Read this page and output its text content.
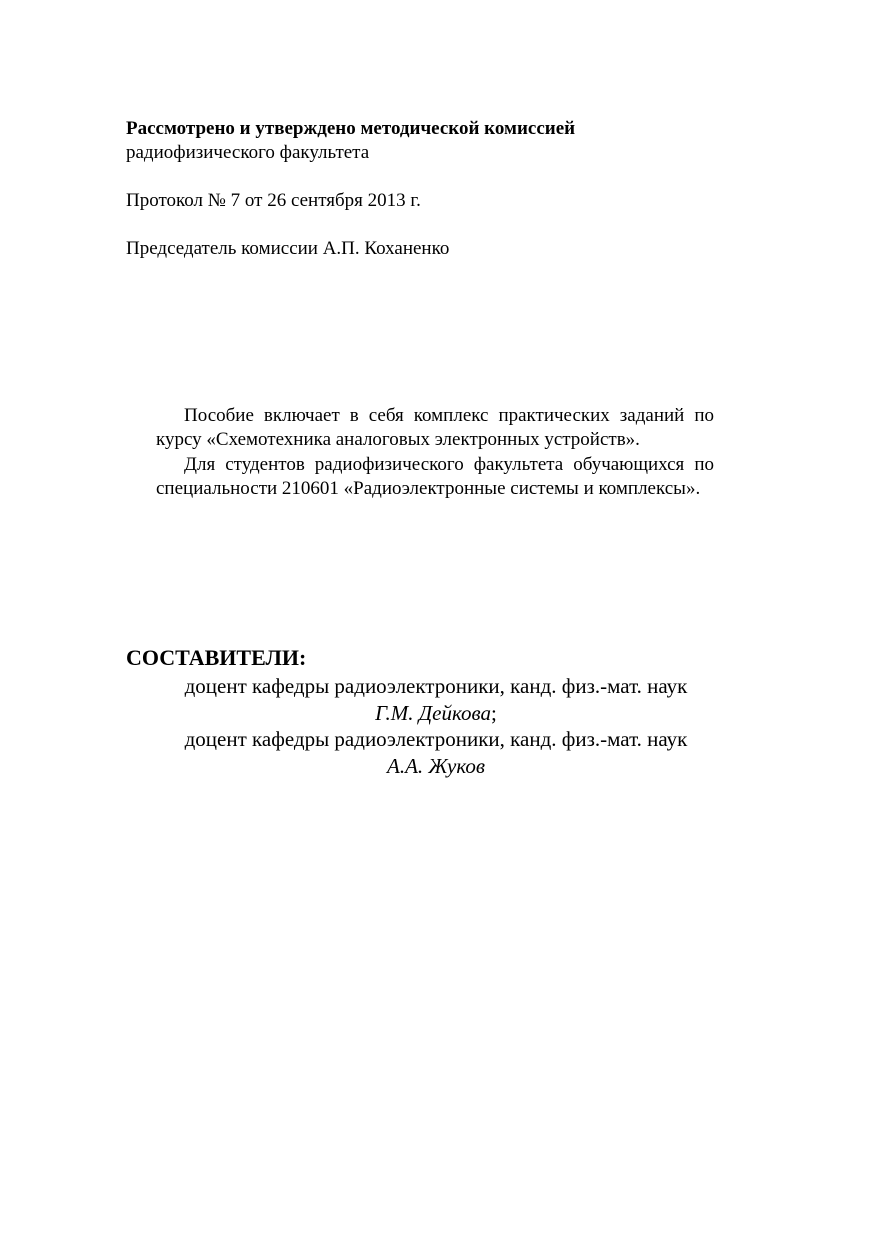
Рассмотрено и утверждено методической комиссией
радиофизического факультета
Протокол № 7 от 26 сентября 2013 г.
Председатель комиссии А.П. Коханенко

Пособие включает в себя комплекс практических заданий по курсу «Схемотехника аналоговых электронных устройств».

Для студентов радиофизического факультета обучающихся по специальности 210601 «Радиоэлектронные системы и комплексы».

СОСТАВИТЕЛИ:
доцент кафедры радиоэлектроники, канд. физ.-мат. наук
Г.М. Дейкова;
доцент кафедры радиоэлектроники, канд. физ.-мат. наук
А.А. Жуков
